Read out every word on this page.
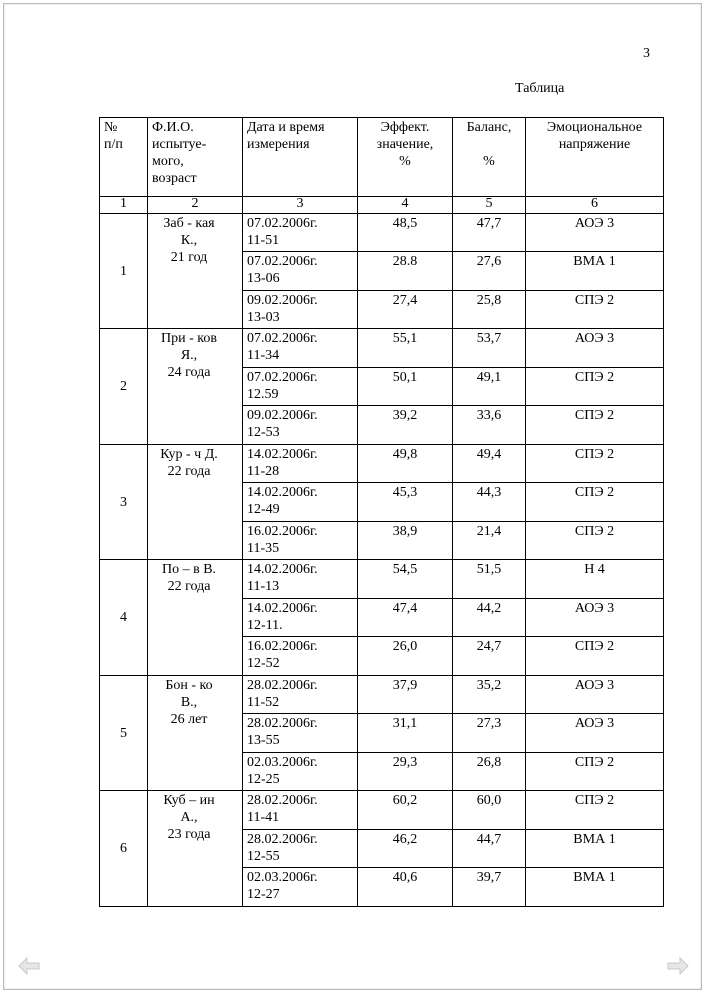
3
Таблица
№
п/п	Ф.И.О.
испытуе-
мого,
возраст	Дата и время
измерения	Эффект.
значение,
%	Баланс,

%	Эмоциональное
напряжение
1	2	3	4	5	6
1	Заб - кая
К.,
21 год	07.02.2006г.
11-51	48,5	47,7	АОЭ 3
		07.02.2006г.
13-06	28.8	27,6	ВМА 1
		09.02.2006г.
13-03	27,4	25,8	СПЭ 2
2	При - ков
Я.,
24 года	07.02.2006г.
11-34	55,1	53,7	АОЭ 3
		07.02.2006г.
12.59	50,1	49,1	СПЭ 2
		09.02.2006г.
12-53	39,2	33,6	СПЭ 2
3	Кур - ч Д.
22 года	14.02.2006г.
11-28	49,8	49,4	СПЭ 2
		14.02.2006г.
12-49	45,3	44,3	СПЭ 2
		16.02.2006г.
11-35	38,9	21,4	СПЭ 2
4	По – в В.
22 года	14.02.2006г.
11-13	54,5	51,5	Н 4
		14.02.2006г.
12-11.	47,4	44,2	АОЭ 3
		16.02.2006г.
12-52	26,0	24,7	СПЭ 2
5	Бон - ко
В.,
26 лет	28.02.2006г.
11-52	37,9	35,2	АОЭ 3
		28.02.2006г.
13-55	31,1	27,3	АОЭ 3
		02.03.2006г.
12-25	29,3	26,8	СПЭ 2
6	Куб – ин
А.,
23 года	28.02.2006г.
11-41	60,2	60,0	СПЭ 2
		28.02.2006г.
12-55	46,2	44,7	ВМА 1
		02.03.2006г.
12-27	40,6	39,7	ВМА 1
